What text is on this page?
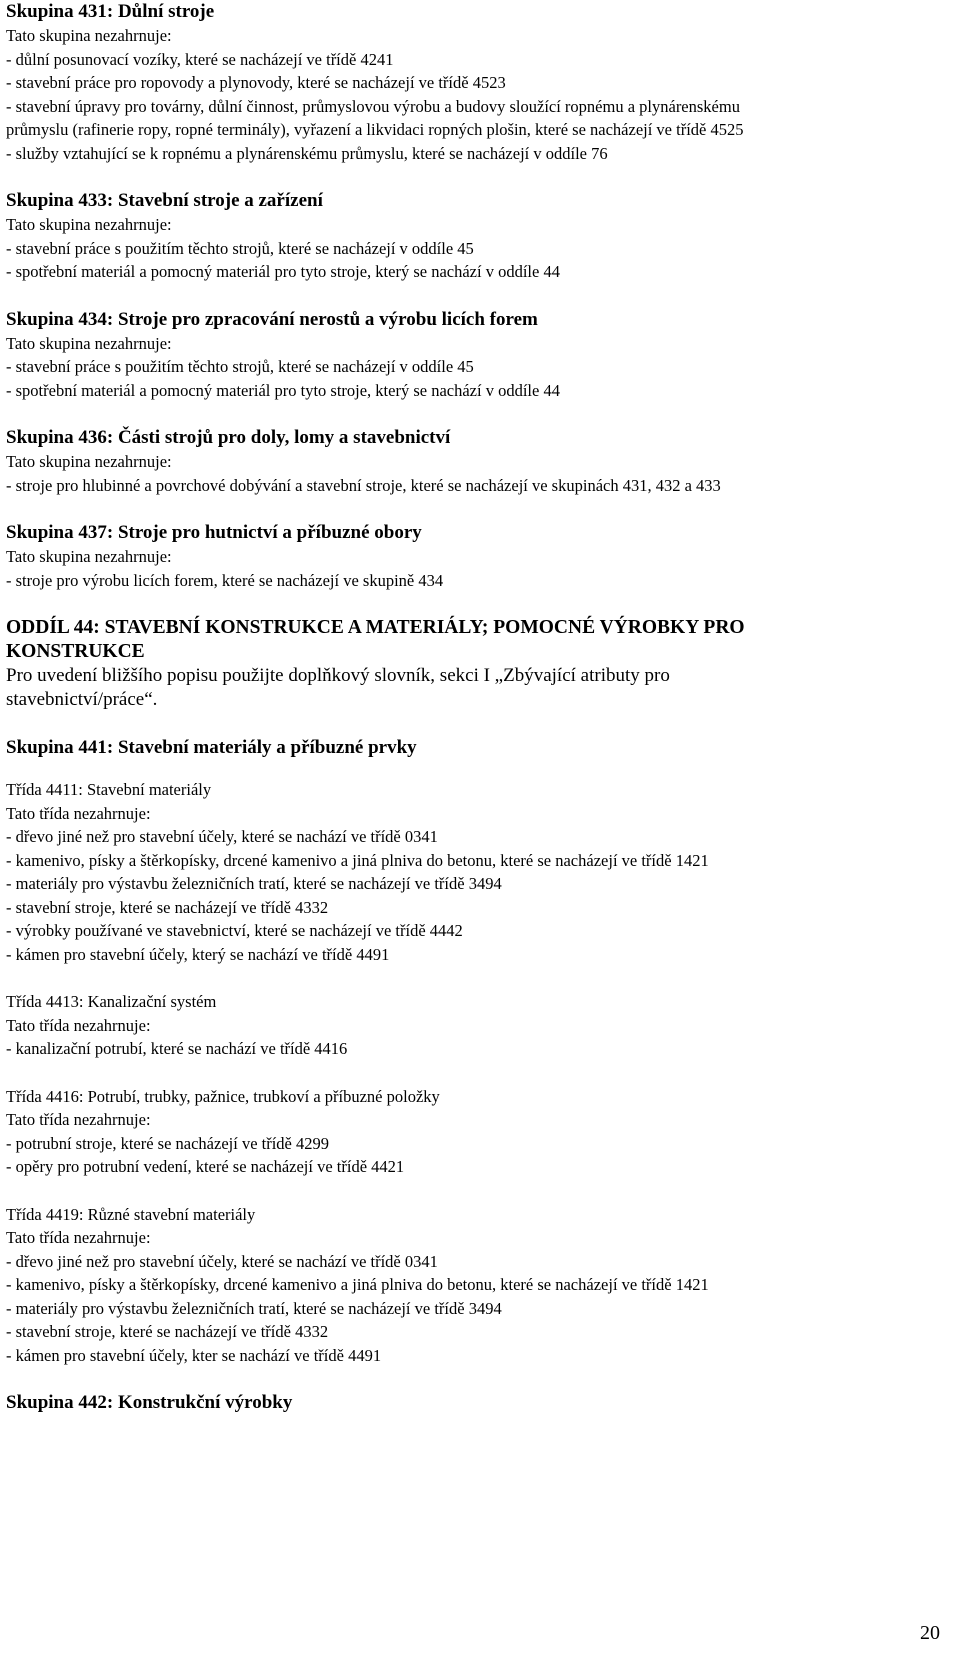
Skupina 431: Důlní stroje
Tato skupina nezahrnuje:
- důlní posunovací vozíky, které se nacházejí ve třídě 4241
- stavební práce pro ropovody a plynovody, které se nacházejí ve třídě 4523
- stavební úpravy pro továrny, důlní činnost, průmyslovou výrobu a budovy sloužící ropnému a plynárenskému
průmyslu (rafinerie ropy, ropné terminály), vyřazení a likvidaci ropných plošin, které se nacházejí ve třídě 4525
- služby vztahující se k ropnému a plynárenskému průmyslu, které se nacházejí v oddíle 76
Skupina 433: Stavební stroje a zařízení
Tato skupina nezahrnuje:
- stavební práce s použitím těchto strojů, které se nacházejí v oddíle 45
- spotřební materiál a pomocný materiál pro tyto stroje, který se nachází v oddíle 44
Skupina 434: Stroje pro zpracování nerostů a výrobu licích forem
Tato skupina nezahrnuje:
- stavební práce s použitím těchto strojů, které se nacházejí v oddíle 45
- spotřební materiál a pomocný materiál pro tyto stroje, který se nachází v oddíle 44
Skupina 436: Části strojů pro doly, lomy a stavebnictví
Tato skupina nezahrnuje:
- stroje pro hlubinné a povrchové dobývání a stavební stroje, které se nacházejí ve skupinách 431, 432 a 433
Skupina 437: Stroje pro hutnictví a příbuzné obory
Tato skupina nezahrnuje:
- stroje pro výrobu licích forem, které se nacházejí ve skupině 434
ODDÍL 44: STAVEBNÍ KONSTRUKCE A MATERIÁLY; POMOCNÉ VÝROBKY PRO
KONSTRUKCE
Pro uvedení bližšího popisu použijte doplňkový slovník, sekci I „Zbývající atributy pro
stavebnictví/práce“.
Skupina 441: Stavební materiály a příbuzné prvky
Třída 4411: Stavební materiály
Tato třída nezahrnuje:
- dřevo jiné než pro stavební účely, které se nachází ve třídě 0341
- kamenivo, písky a štěrkopísky, drcené kamenivo a jiná plniva do betonu, které se nacházejí ve třídě 1421
- materiály pro výstavbu železničních tratí, které se nacházejí ve třídě 3494
- stavební stroje, které se nacházejí ve třídě 4332
- výrobky používané ve stavebnictví, které se nacházejí ve třídě 4442
- kámen pro stavební účely, který se nachází ve třídě 4491
Třída 4413: Kanalizační systém
Tato třída nezahrnuje:
- kanalizační potrubí, které se nachází ve třídě 4416
Třída 4416: Potrubí, trubky, pažnice, trubkoví a příbuzné položky
Tato třída nezahrnuje:
- potrubní stroje, které se nacházejí ve třídě 4299
- opěry pro potrubní vedení, které se nacházejí ve třídě 4421
Třída 4419: Různé stavební materiály
Tato třída nezahrnuje:
- dřevo jiné než pro stavební účely, které se nachází ve třídě 0341
- kamenivo, písky a štěrkopísky, drcené kamenivo a jiná plniva do betonu, které se nacházejí ve třídě 1421
- materiály pro výstavbu železničních tratí, které se nacházejí ve třídě 3494
- stavební stroje, které se nacházejí ve třídě 4332
- kámen pro stavební účely, kter se nachází ve třídě 4491
Skupina 442: Konstrukční výrobky
20
